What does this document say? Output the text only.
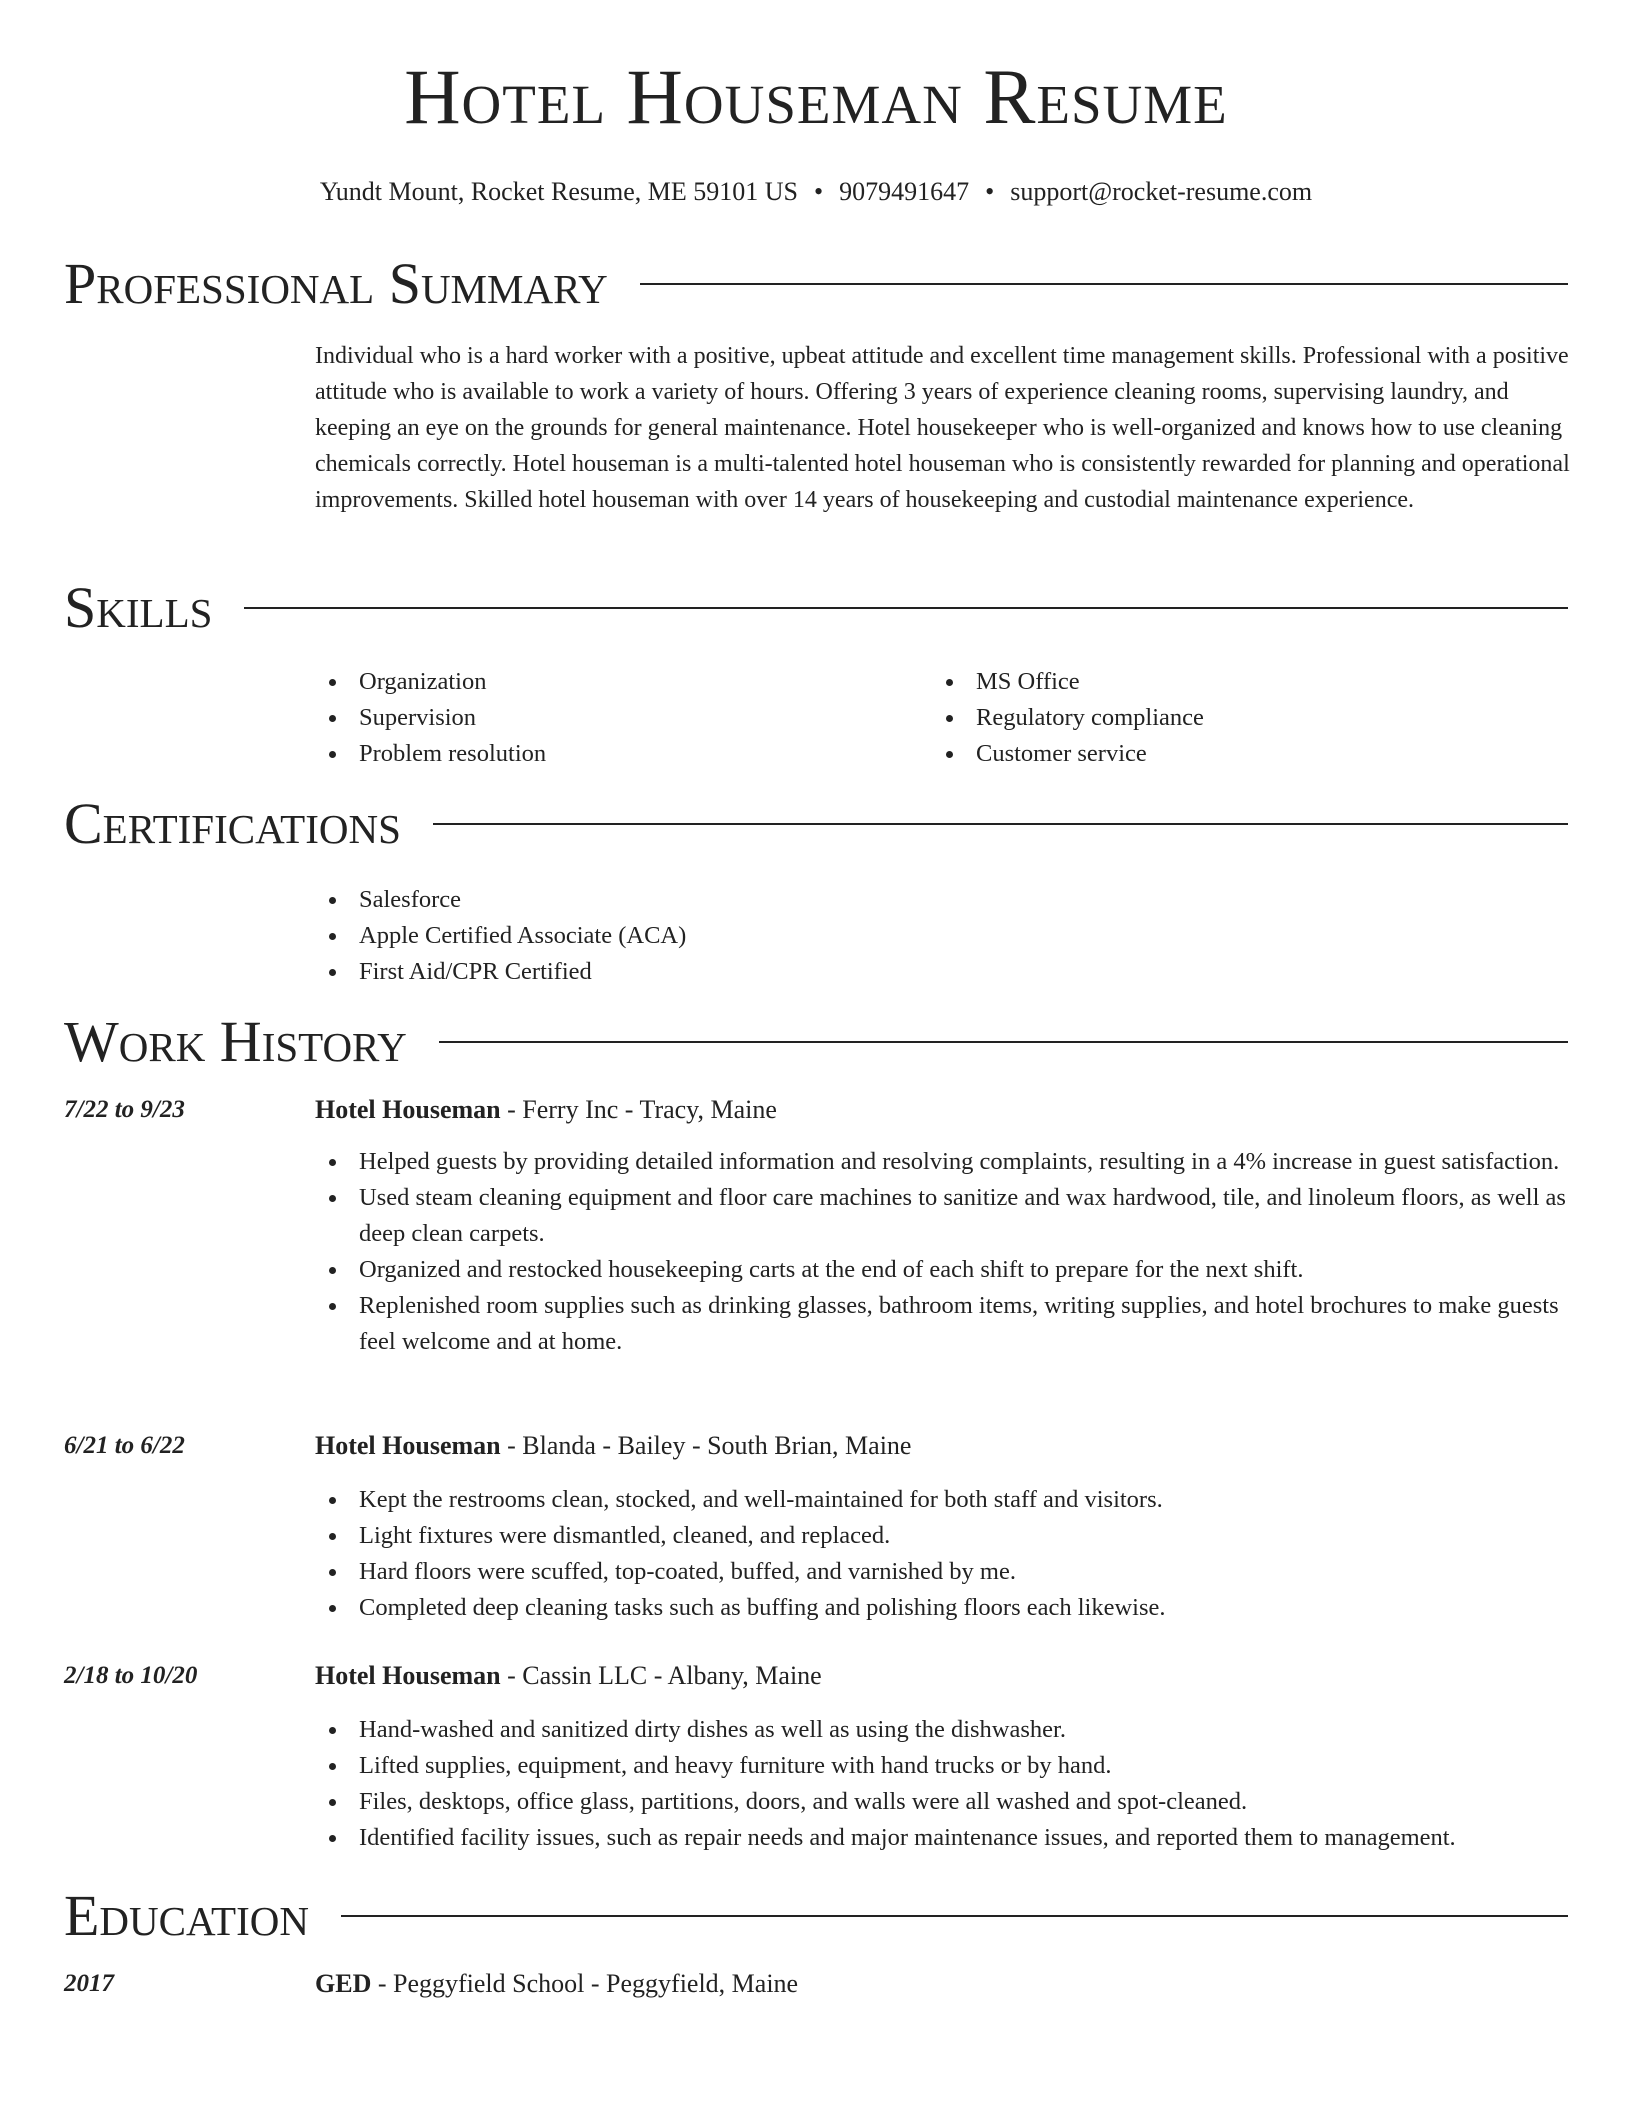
Hotel Houseman Resume
Yundt Mount, Rocket Resume, ME 59101 US • 9079491647 • support@rocket-resume.com
Professional Summary
Individual who is a hard worker with a positive, upbeat attitude and excellent time management skills. Professional with a positive attitude who is available to work a variety of hours. Offering 3 years of experience cleaning rooms, supervising laundry, and keeping an eye on the grounds for general maintenance. Hotel housekeeper who is well-organized and knows how to use cleaning chemicals correctly. Hotel houseman is a multi-talented hotel houseman who is consistently rewarded for planning and operational improvements. Skilled hotel houseman with over 14 years of housekeeping and custodial maintenance experience.
Skills
Organization
Supervision
Problem resolution
MS Office
Regulatory compliance
Customer service
Certifications
Salesforce
Apple Certified Associate (ACA)
First Aid/CPR Certified
Work History
7/22 to 9/23	Hotel Houseman - Ferry Inc - Tracy, Maine
Helped guests by providing detailed information and resolving complaints, resulting in a 4% increase in guest satisfaction.
Used steam cleaning equipment and floor care machines to sanitize and wax hardwood, tile, and linoleum floors, as well as deep clean carpets.
Organized and restocked housekeeping carts at the end of each shift to prepare for the next shift.
Replenished room supplies such as drinking glasses, bathroom items, writing supplies, and hotel brochures to make guests feel welcome and at home.
6/21 to 6/22	Hotel Houseman - Blanda - Bailey - South Brian, Maine
Kept the restrooms clean, stocked, and well-maintained for both staff and visitors.
Light fixtures were dismantled, cleaned, and replaced.
Hard floors were scuffed, top-coated, buffed, and varnished by me.
Completed deep cleaning tasks such as buffing and polishing floors each likewise.
2/18 to 10/20	Hotel Houseman - Cassin LLC - Albany, Maine
Hand-washed and sanitized dirty dishes as well as using the dishwasher.
Lifted supplies, equipment, and heavy furniture with hand trucks or by hand.
Files, desktops, office glass, partitions, doors, and walls were all washed and spot-cleaned.
Identified facility issues, such as repair needs and major maintenance issues, and reported them to management.
Education
2017	GED - Peggyfield School - Peggyfield, Maine
